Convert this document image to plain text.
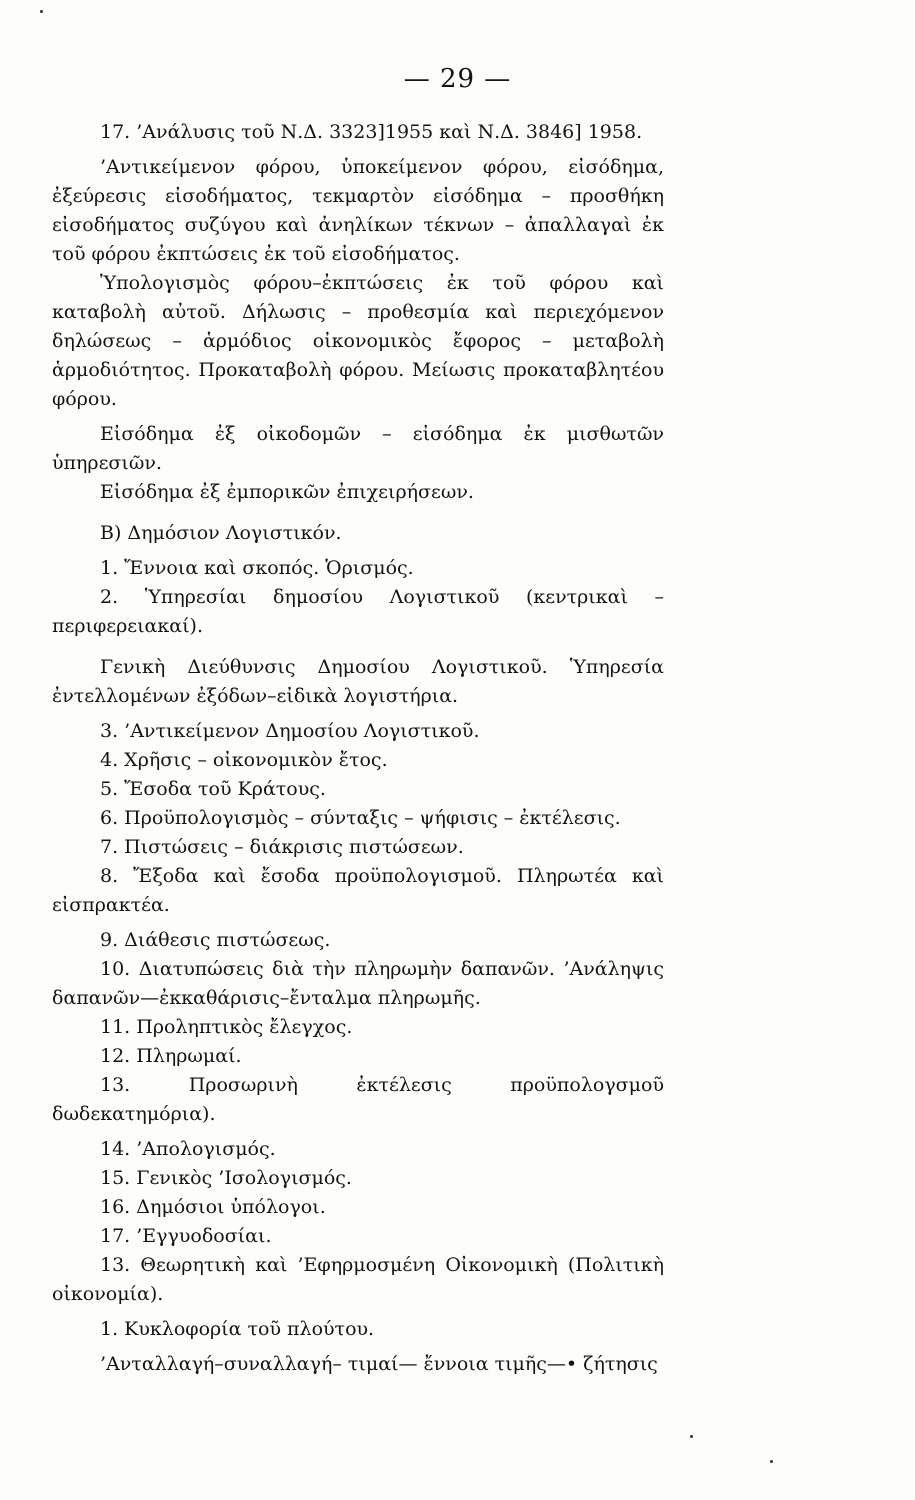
— 29 —

17. ’Ανάλυσις τοῦ Ν.Δ. 3323]1955 καὶ Ν.Δ. 3846] 1958.

’Αντικείμενον φόρου, ὑποκείμενον φόρου, εἰσόδημα, ἐξεύρεσις εἰσοδήματος, τεκμαρτὸν εἰσόδημα – προσθήκη εἰσοδήματος συζύγου καὶ ἀνηλίκων τέκνων – ἀπαλλαγαὶ ἐκ τοῦ φόρου ἐκπτώσεις ἐκ τοῦ εἰσοδήματος.

Ὑπολογισμὸς φόρου–ἐκπτώσεις ἐκ τοῦ φόρου καὶ καταβολὴ αὐτοῦ. Δήλωσις – προθεσμία καὶ περιεχόμενον δηλώσεως – ἁρμόδιος οἰκονομικὸς ἔφορος – μεταβολὴ ἁρμοδιότητος. Προκαταβολὴ φόρου. Μείωσις προκαταβλητέου φόρου.

Εἰσόδημα ἐξ οἰκοδομῶν – εἰσόδημα ἐκ μισθωτῶν ὑπηρεσιῶν.

Εἰσόδημα ἐξ ἐμπορικῶν ἐπιχειρήσεων.

Β) Δημόσιον Λογιστικόν.

1. Ἔννοια καὶ σκοπός. Ὁρισμός.

2. Ὑπηρεσίαι δημοσίου Λογιστικοῦ (κεντρικαὶ – περιφερειακαί).

Γενικὴ Διεύθυνσις Δημοσίου Λογιστικοῦ. Ὑπηρεσία ἐντελλομένων ἐξόδων–εἰδικὰ λογιστήρια.

3. ’Αντικείμενον Δημοσίου Λογιστικοῦ.

4. Χρῆσις – οἰκονομικὸν ἔτος.

5. Ἔσοδα τοῦ Κράτους.

6. Προϋπολογισμὸς – σύνταξις – ψήφισις – ἐκτέλεσις.

7. Πιστώσεις – διάκρισις πιστώσεων.

8. Ἔξοδα καὶ ἔσοδα προϋπολογισμοῦ. Πληρωτέα καὶ εἰσπρακτέα.

9. Διάθεσις πιστώσεως.

10. Διατυπώσεις διὰ τὴν πληρωμὴν δαπανῶν. ’Ανάληψις δαπανῶν—ἐκκαθάρισις–ἔνταλμα πληρωμῆς.

11. Προληπτικὸς ἔλεγχος.

12. Πληρωμαί.

13. Προσωρινὴ ἐκτέλεσις προϋπολογσμοῦ δωδεκατημόρια).

14. ’Απολογισμός.

15. Γενικὸς ’Ισολογισμός.

16. Δημόσιοι ὑπόλογοι.

17. ’Εγγυοδοσίαι.

13. Θεωρητικὴ καὶ ’Εφηρμοσμένη Οἰκονομικὴ (Πολιτικὴ οἰκονομία).

1. Κυκλοφορία τοῦ πλούτου.

’Ανταλλαγή–συναλλαγή– τιμαί— ἔννοια τιμῆς—• ζήτησις
